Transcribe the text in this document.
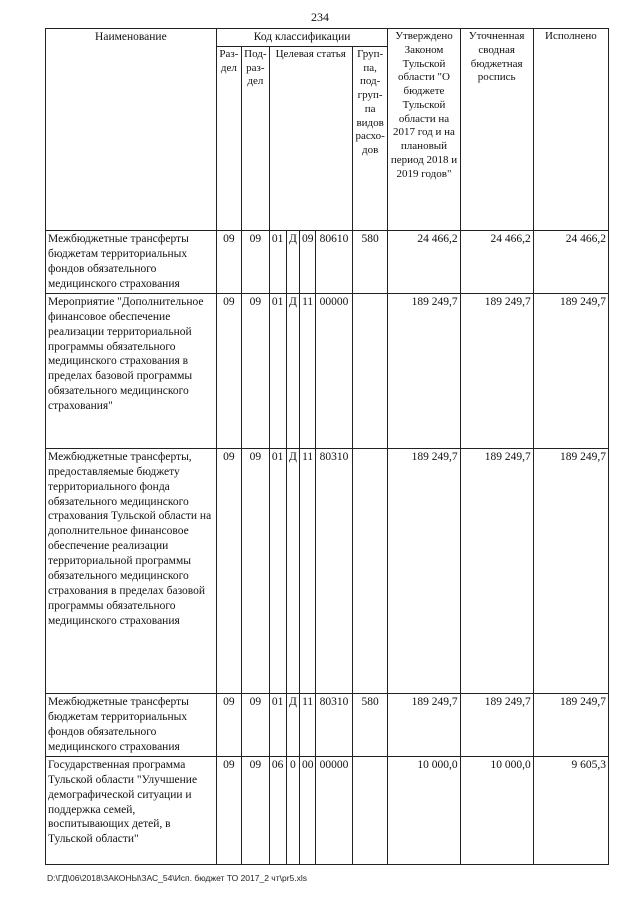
234
Наименование	Код классификации							Утверждено Законом Тульской области "О бюджете Тульской области на 2017 год и на плановый период 2018 и 2019 годов"	Уточненная сводная бюджетная роспись	Исполнено
	Раз-дел	Под-раз-дел	Целевая статья				Груп-па, под-груп-па видов расхо-дов			
Межбюджетные трансферты бюджетам территориальных фондов обязательного медицинского страхования	09	09	01	Д	09	80610	580	24 466,2	24 466,2	24 466,2
Мероприятие "Дополнительное финансовое обеспечение реализации территориальной программы обязательного медицинского страхования в пределах базовой программы обязательного медицинского страхования"	09	09	01	Д	11	00000		189 249,7	189 249,7	189 249,7
Межбюджетные трансферты, предоставляемые бюджету территориального фонда обязательного медицинского страхования Тульской области на дополнительное финансовое обеспечение реализации территориальной программы обязательного медицинского страхования в пределах базовой программы обязательного медицинского страхования	09	09	01	Д	11	80310		189 249,7	189 249,7	189 249,7
Межбюджетные трансферты бюджетам территориальных фондов обязательного медицинского страхования	09	09	01	Д	11	80310	580	189 249,7	189 249,7	189 249,7
Государственная программа Тульской области "Улучшение демографической ситуации и поддержка семей, воспитывающих детей, в Тульской области"	09	09	06	0	00	00000		10 000,0	10 000,0	9 605,3
D:\ГД\06\2018\ЗАКОНЫ\ЗАС_54\Исп. бюджет ТО 2017_2 чт\pr5.xls
